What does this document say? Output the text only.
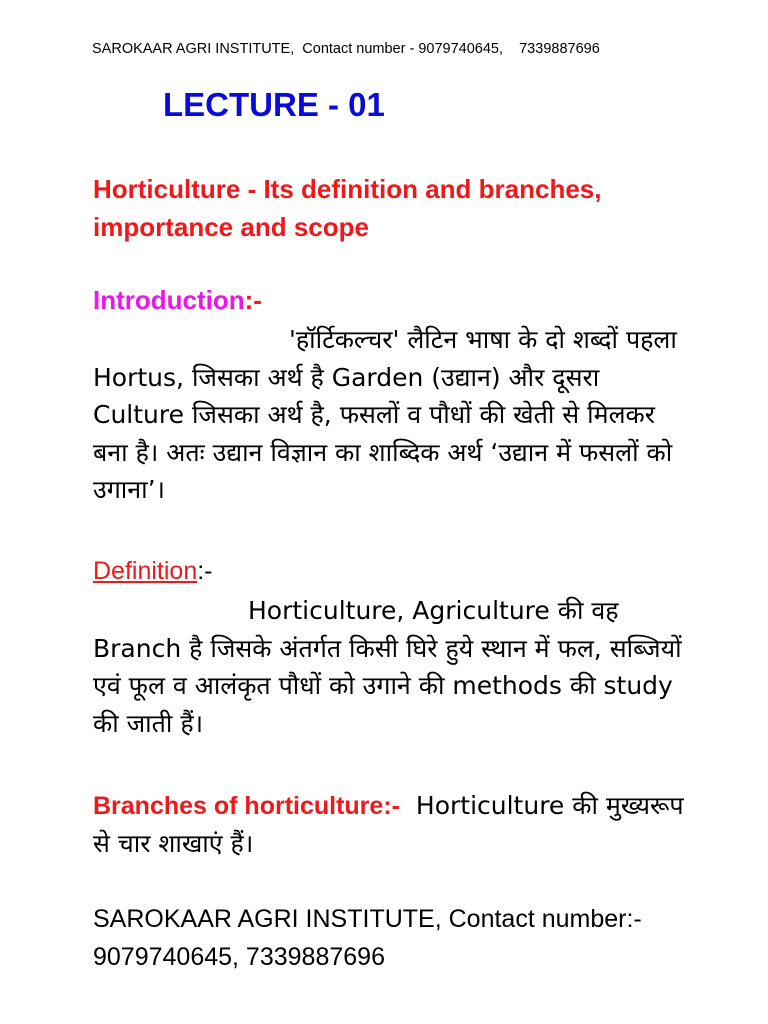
SAROKAAR AGRI INSTITUTE,  Contact number - 9079740645,    7339887696
LECTURE - 01
Horticulture - Its definition and branches, importance and scope
Introduction:-
'हॉर्टिकल्चर' लैटिन भाषा के दो शब्दों पहला Hortus, जिसका अर्थ है Garden (उद्यान) और दूसरा Culture जिसका अर्थ है, फसलों व पौधों की खेती से मिलकर बना है। अतः उद्यान विज्ञान का शाब्दिक अर्थ ‘उद्यान में फसलों को उगाना’।
Definition:-
Horticulture, Agriculture की वह Branch है जिसके अंतर्गत किसी घिरे हुये स्थान में फल, सब्जियों एवं फूल व आलंकृत पौधों को उगाने की methods की study की जाती हैं।
Branches of horticulture:- Horticulture की मुख्यरूप से चार शाखाएं हैं।
SAROKAAR AGRI INSTITUTE, Contact number:- 9079740645, 7339887696
